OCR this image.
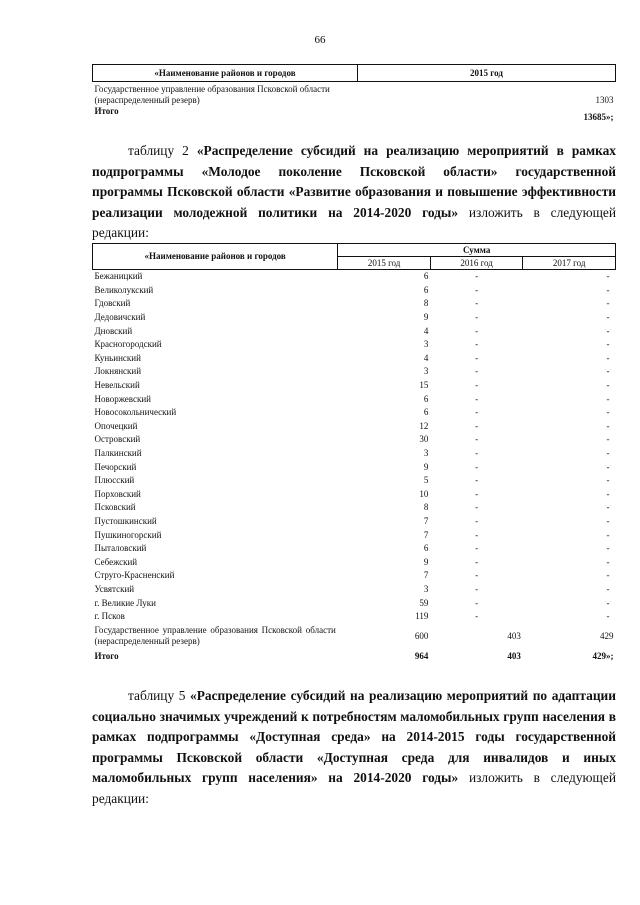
66
«Наименование районов и городов	2015 год
Государственное управление образования Псковской области (нераспределенный резерв)	1303
Итого	13685»;

таблицу 2 «Распределение субсидий на реализацию мероприятий в рамках подпрограммы «Молодое поколение Псковской области» государственной программы Псковской области «Развитие образования и повышение эффективности реализации молодежной политики на 2014-2020 годы» изложить в следующей редакции:

«Наименование районов и городов	Сумма		
	2015 год	2016 год	2017 год
Бежаницкий	6	-	-
Великолукский	6	-	-
Гдовский	8	-	-
Дедовичский	9	-	-
Дновский	4	-	-
Красногородский	3	-	-
Куньинский	4	-	-
Локнянский	3	-	-
Невельский	15	-	-
Новоржевский	6	-	-
Новосокольнический	6	-	-
Опочецкий	12	-	-
Островский	30	-	-
Палкинский	3	-	-
Печорский	9	-	-
Плюсский	5	-	-
Порховский	10	-	-
Псковский	8	-	-
Пустошкинский	7	-	-
Пушкиногорский	7	-	-
Пыталовский	6	-	-
Себежский	9	-	-
Струго-Красненский	7	-	-
Усвятский	3	-	-
г. Великие Луки	59	-	-
г. Псков	119	-	-
Государственное управление образования Псковской области (нераспределенный резерв)	600	403	429
Итого	964	403	429»;

таблицу 5 «Распределение субсидий на реализацию мероприятий по адаптации социально значимых учреждений к потребностям маломобильных групп населения в рамках подпрограммы «Доступная среда» на 2014-2015 годы государственной программы Псковской области «Доступная среда для инвалидов и иных маломобильных групп населения» на 2014-2020 годы» изложить в следующей редакции:
